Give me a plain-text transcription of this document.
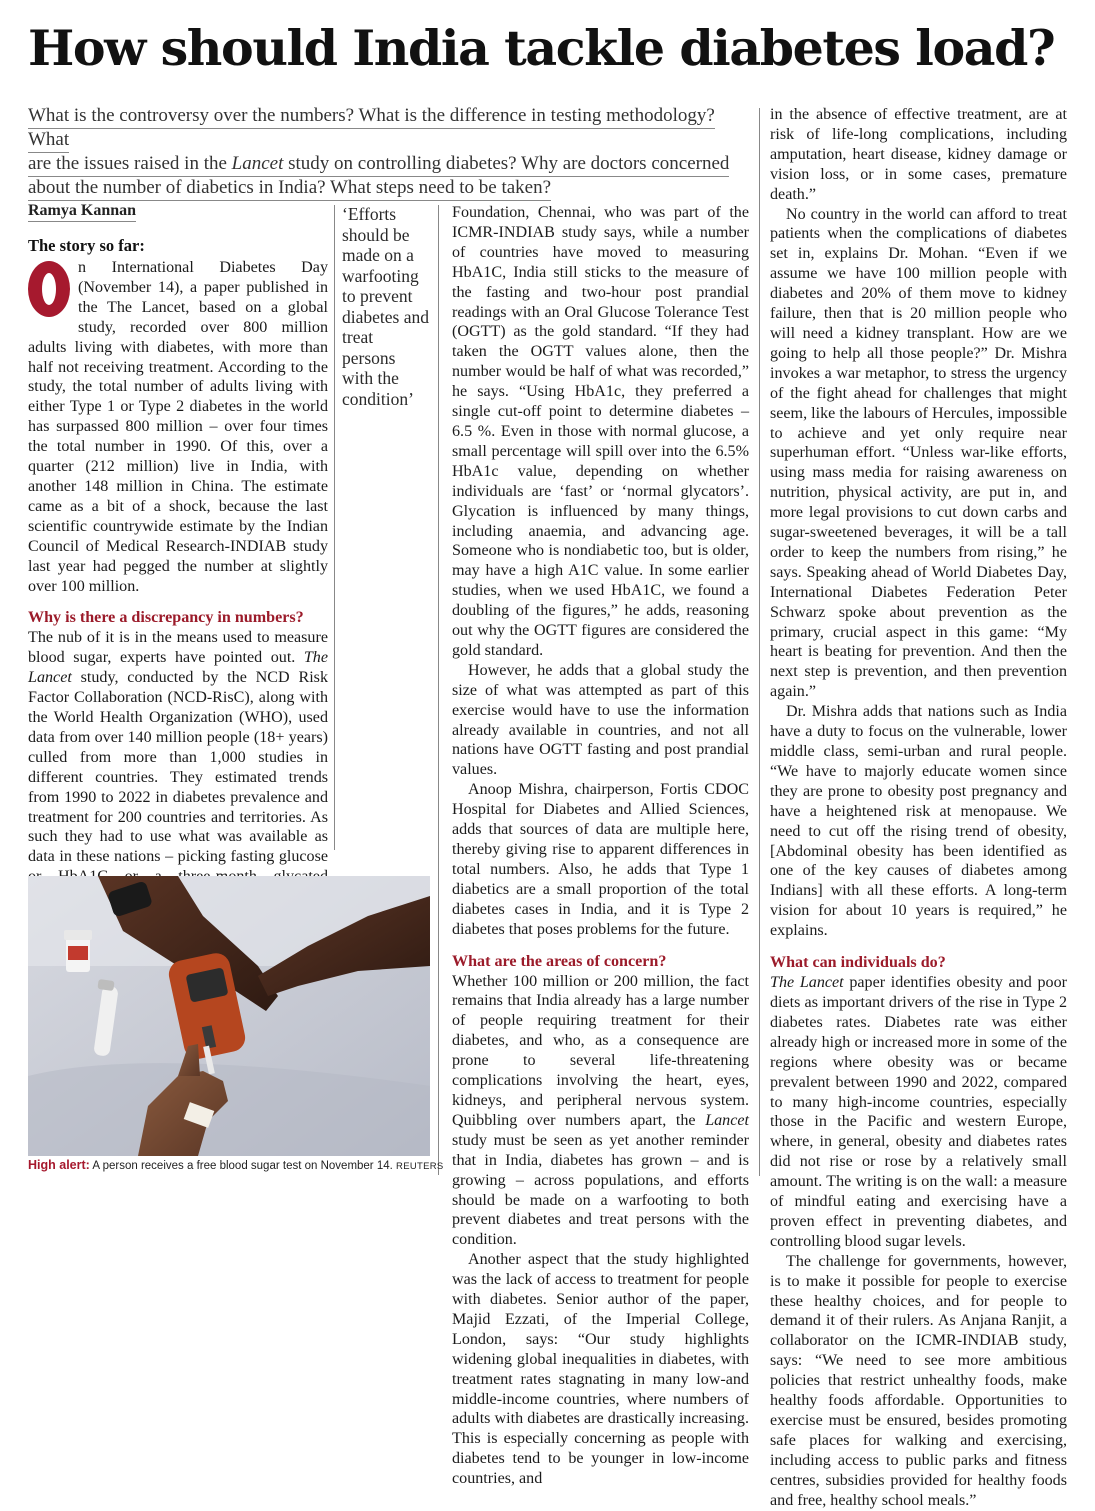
How should India tackle diabetes load?
What is the controversy over the numbers? What is the difference in testing methodology? What
are the issues raised in the Lancet study on controlling diabetes? Why are doctors concerned
about the number of diabetics in India? What steps need to be taken?
Ramya Kannan
The story so far:

n International Diabetes Day (November 14), a paper published in the The Lancet, based on a global study, recorded over 800 million adults living with diabetes, with more than half not receiving treatment. According to the study, the total number of adults living with either Type 1 or Type 2 diabetes in the world has surpassed 800 million – over four times the total number in 1990. Of this, over a quarter (212 million) live in India, with another 148 million in China. The estimate came as a bit of a shock, because the last scientific countrywide estimate by the Indian Council of Medical Research-INDIAB study last year had pegged the number at slightly over 100 million.

Why is there a discrepancy in numbers?

The nub of it is in the means used to measure blood sugar, experts have pointed out. The Lancet study, conducted by the NCD Risk Factor Collaboration (NCD-RisC), along with the World Health Organization (WHO), used data from over 140 million people (18+ years) culled from more than 1,000 studies in different countries. They estimated trends from 1990 to 2022 in diabetes prevalence and treatment for 200 countries and territories. As such they had to use what was available as data in these nations – picking fasting glucose

‘Efforts should be made on a warfooting to prevent diabetes and treat persons with the condition’
High alert: A person receives a free blood sugar test on November 14. REUTERS

Foundation, Chennai, who was part of the ICMR-INDIAB study says, while a number of countries have moved to measuring HbA1C, India still sticks to the measure of the fasting and two-hour post prandial readings with an Oral Glucose Tolerance Test (OGTT) as the gold standard. “If they had taken the OGTT values alone, then the number would be half of what was recorded,” he says. “Using HbA1c, they preferred a single cut-off point to determine diabetes – 6.5 %. Even in those with normal glucose, a small percentage will spill over into the 6.5% HbA1c value, depending on whether individuals are ‘fast’ or ‘normal glycators’. Glycation is influenced by many things, including anaemia, and advancing age. Someone who is nondiabetic too, but is older, may have a high A1C value. In some earlier studies, when we used HbA1C, we found a doubling of the figures,” he adds, reasoning out why the OGTT figures are considered the gold standard.

However, he adds that a global study the size of what was attempted as part of this exercise would have to use the information already available in countries, and not all nations have OGTT fasting and post prandial values.

Anoop Mishra, chairperson, Fortis CDOC Hospital for Diabetes and Allied Sciences, adds that sources of data are multiple here, thereby giving rise to apparent differences in total numbers. Also, he adds that Type 1 diabetics are a small proportion of the total diabetes cases in India, and it is Type 2 diabetes that poses problems for the future.

What are the areas of concern?

Whether 100 million or 200 million, the fact remains that India already has a large number of people requiring treatment for their diabetes, and who, as a consequence are prone to several life-threatening complications involving the heart, eyes, kidneys, and peripheral nervous system. Quibbling over numbers apart, the Lancet study must be seen as yet another reminder that in India, diabetes has grown – and is growing – across populations, and efforts should be made on a warfooting to both prevent diabetes and treat persons with the condition.

Another aspect that the study highlighted was the lack of access to treatment for people with diabetes. Senior author of the paper, Majid Ezzati, of the Imperial College, London, says: “Our study highlights widening global inequalities in diabetes, with treatment rates stagnating in many low-and middle-income countries, where numbers of adults with diabetes are drastically increasing. This is especially concerning as people with diabetes tend to be younger in low-income countries, and

in the absence of effective treatment, are at risk of life-long complications, including amputation, heart disease, kidney damage or vision loss, or in some cases, premature death.”

No country in the world can afford to treat patients when the complications of diabetes set in, explains Dr. Mohan. “Even if we assume we have 100 million people with diabetes and 20% of them move to kidney failure, then that is 20 million people who will need a kidney transplant. How are we going to help all those people?” Dr. Mishra invokes a war metaphor, to stress the urgency of the fight ahead for challenges that might seem, like the labours of Hercules, impossible to achieve and yet only require near superhuman effort. “Unless war-like efforts, using mass media for raising awareness on nutrition, physical activity, are put in, and more legal provisions to cut down carbs and sugar-sweetened beverages, it will be a tall order to keep the numbers from rising,” he says. Speaking ahead of World Diabetes Day, International Diabetes Federation Peter Schwarz spoke about prevention as the primary, crucial aspect in this game: “My heart is beating for prevention. And then the next step is prevention, and then prevention again.”

Dr. Mishra adds that nations such as India have a duty to focus on the vulnerable, lower middle class, semi-urban and rural people. “We have to majorly educate women since they are prone to obesity post pregnancy and have a heightened risk at menopause. We need to cut off the rising trend of obesity, [Abdominal obesity has been identified as one of the key causes of diabetes among Indians] with all these efforts. A long-term vision for about 10 years is required,” he explains.

What can individuals do?

The Lancet paper identifies obesity and poor diets as important drivers of the rise in Type 2 diabetes rates. Diabetes rate was either already high or increased more in some of the regions where obesity was or became prevalent between 1990 and 2022, compared to many high-income countries, especially those in the Pacific and western Europe, where, in general, obesity and diabetes rates did not rise or rose by a relatively small amount. The writing is on the wall: a measure of mindful eating and exercising have a proven effect in preventing diabetes, and controlling blood sugar levels.

The challenge for governments, however, is to make it possible for people to exercise these healthy choices, and for people to demand it of their rulers. As Anjana Ranjit, a collaborator on the ICMR-INDIAB study, says: “We need to see more ambitious policies that restrict unhealthy foods, make healthy foods affordable. Opportunities to exercise must be ensured, besides promoting safe places for walking and exercising, including access to public parks and fitness centres, subsidies provided for healthy foods and free, healthy school meals.”
